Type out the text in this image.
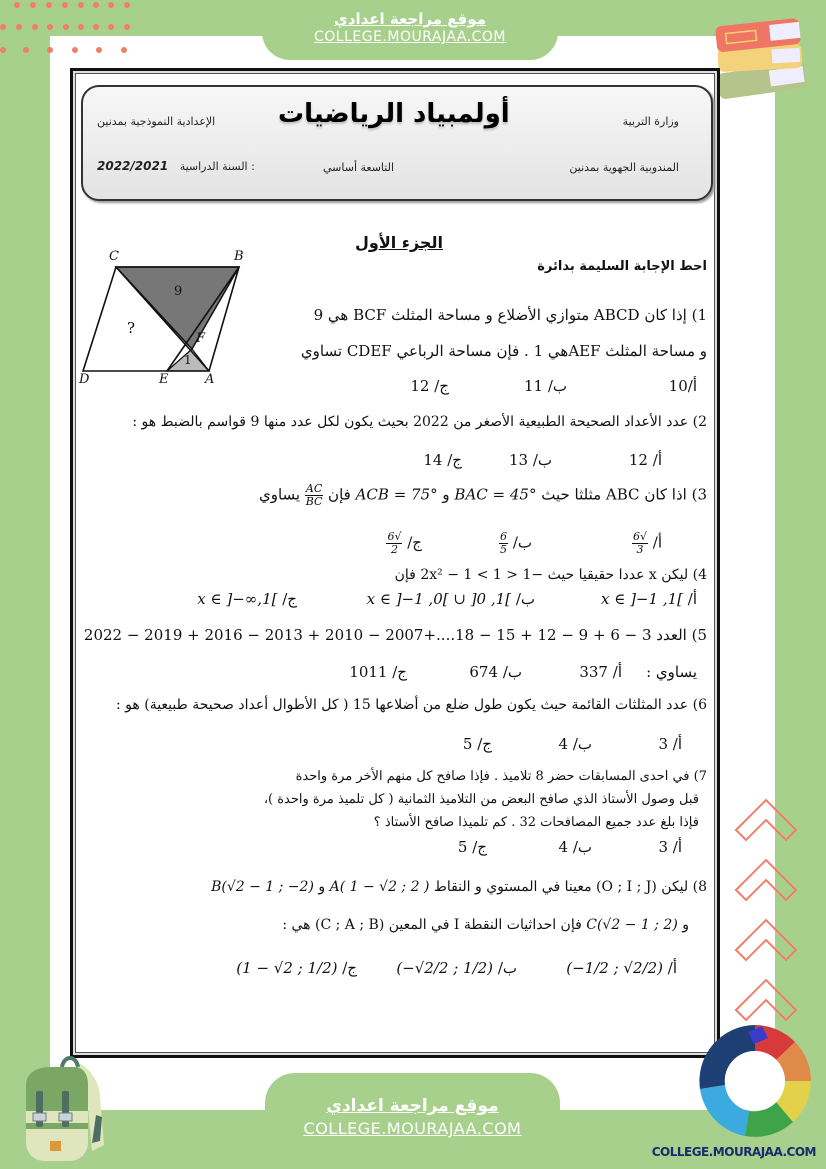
موقع مراجعة اعدادي
COLLEGE.MOURAJAA.COM
وزارة التربية
أولمبياد الرياضيات
الإعدادية النموذجية بمدنين
المندوبية الجهوية بمدنين
التاسعة أساسي
2022/2021 السنة الدراسية :
الجزء الأول
احط الإجابة السليمة بدائرة
C	B
D	E	A
F
9
1
?
1) إذا كان ABCD متوازي الأضلاع و مساحة المثلث BCF هي 9
و مساحة المثلث AEFهي 1 . فإن مساحة الرباعي CDEF تساوي
أ/10
ب/ 11
ج/ 12
2) عدد الأعداد الصحيحة الطبيعية الأصغر من 2022 بحيث يكون لكل عدد منها 9 قواسم بالضبط هو :
أ/ 12
ب/ 13
ج/ 14
3) اذا كان ABC مثلثا حيث BAC = 45° و ACB = 75° فإن
$\frac{AC}{BC}$
يساوي
أ/
$\frac{√6}{3}$
ب/
$\frac{6}{5}$
ج/
$\frac{√6}{2}$
4) ليكن x عددا حقيقيا حيث −1 < 2x² − 1 < 1 فإن
أ/ x ∈ ]−1 ,1[
ب/ x ∈ ]−1 ,0[ ∪ ]0 ,1[
ج/ x ∈ ]−∞,1[
5) العدد 2022 − 2019 + 2016 − 2013 + 2010 − 2007+....18 − 15 + 12 − 9 + 6 − 3
يساوي :
أ/ 337
ب/ 674
ج/ 1011
6) عدد المثلثات القائمة حيث يكون طول ضلع من أضلاعها 15 ( كل الأطوال أعداد صحيحة طبيعية) هو :
أ/ 3
ب/ 4
ج/ 5
7) في احدى المسابقات حضر 8 تلاميذ . فإذا صافح كل منهم الأخر مرة واحدة
قبل وصول الأستاذ الذي صافح البعض من التلاميذ الثمانية ( كل تلميذ مرة واحدة )،
فإذا بلغ عدد جميع المصافحات 32 . كم تلميذا صافح الأستاذ ؟
أ/ 3
ب/ 4
ج/ 5
8) ليكن (O ; I ; J) معينا في المستوي و النقاط A( 1 − √2 ; 2 ) و B(√2 − 1 ; −2)
و C(√2 − 1 ; 2) فإن احداثيات النقطة I في المعين (C ; A ; B) هي :
أ/ (−1/2 ; √2/2)
ب/ (−√2/2 ; 1/2)
ج/ (1 − √2 ; 1/2)
موقع مراجعة اعدادي
COLLEGE.MOURAJAA.COM
COLLEGE.MOURAJAA.COM
